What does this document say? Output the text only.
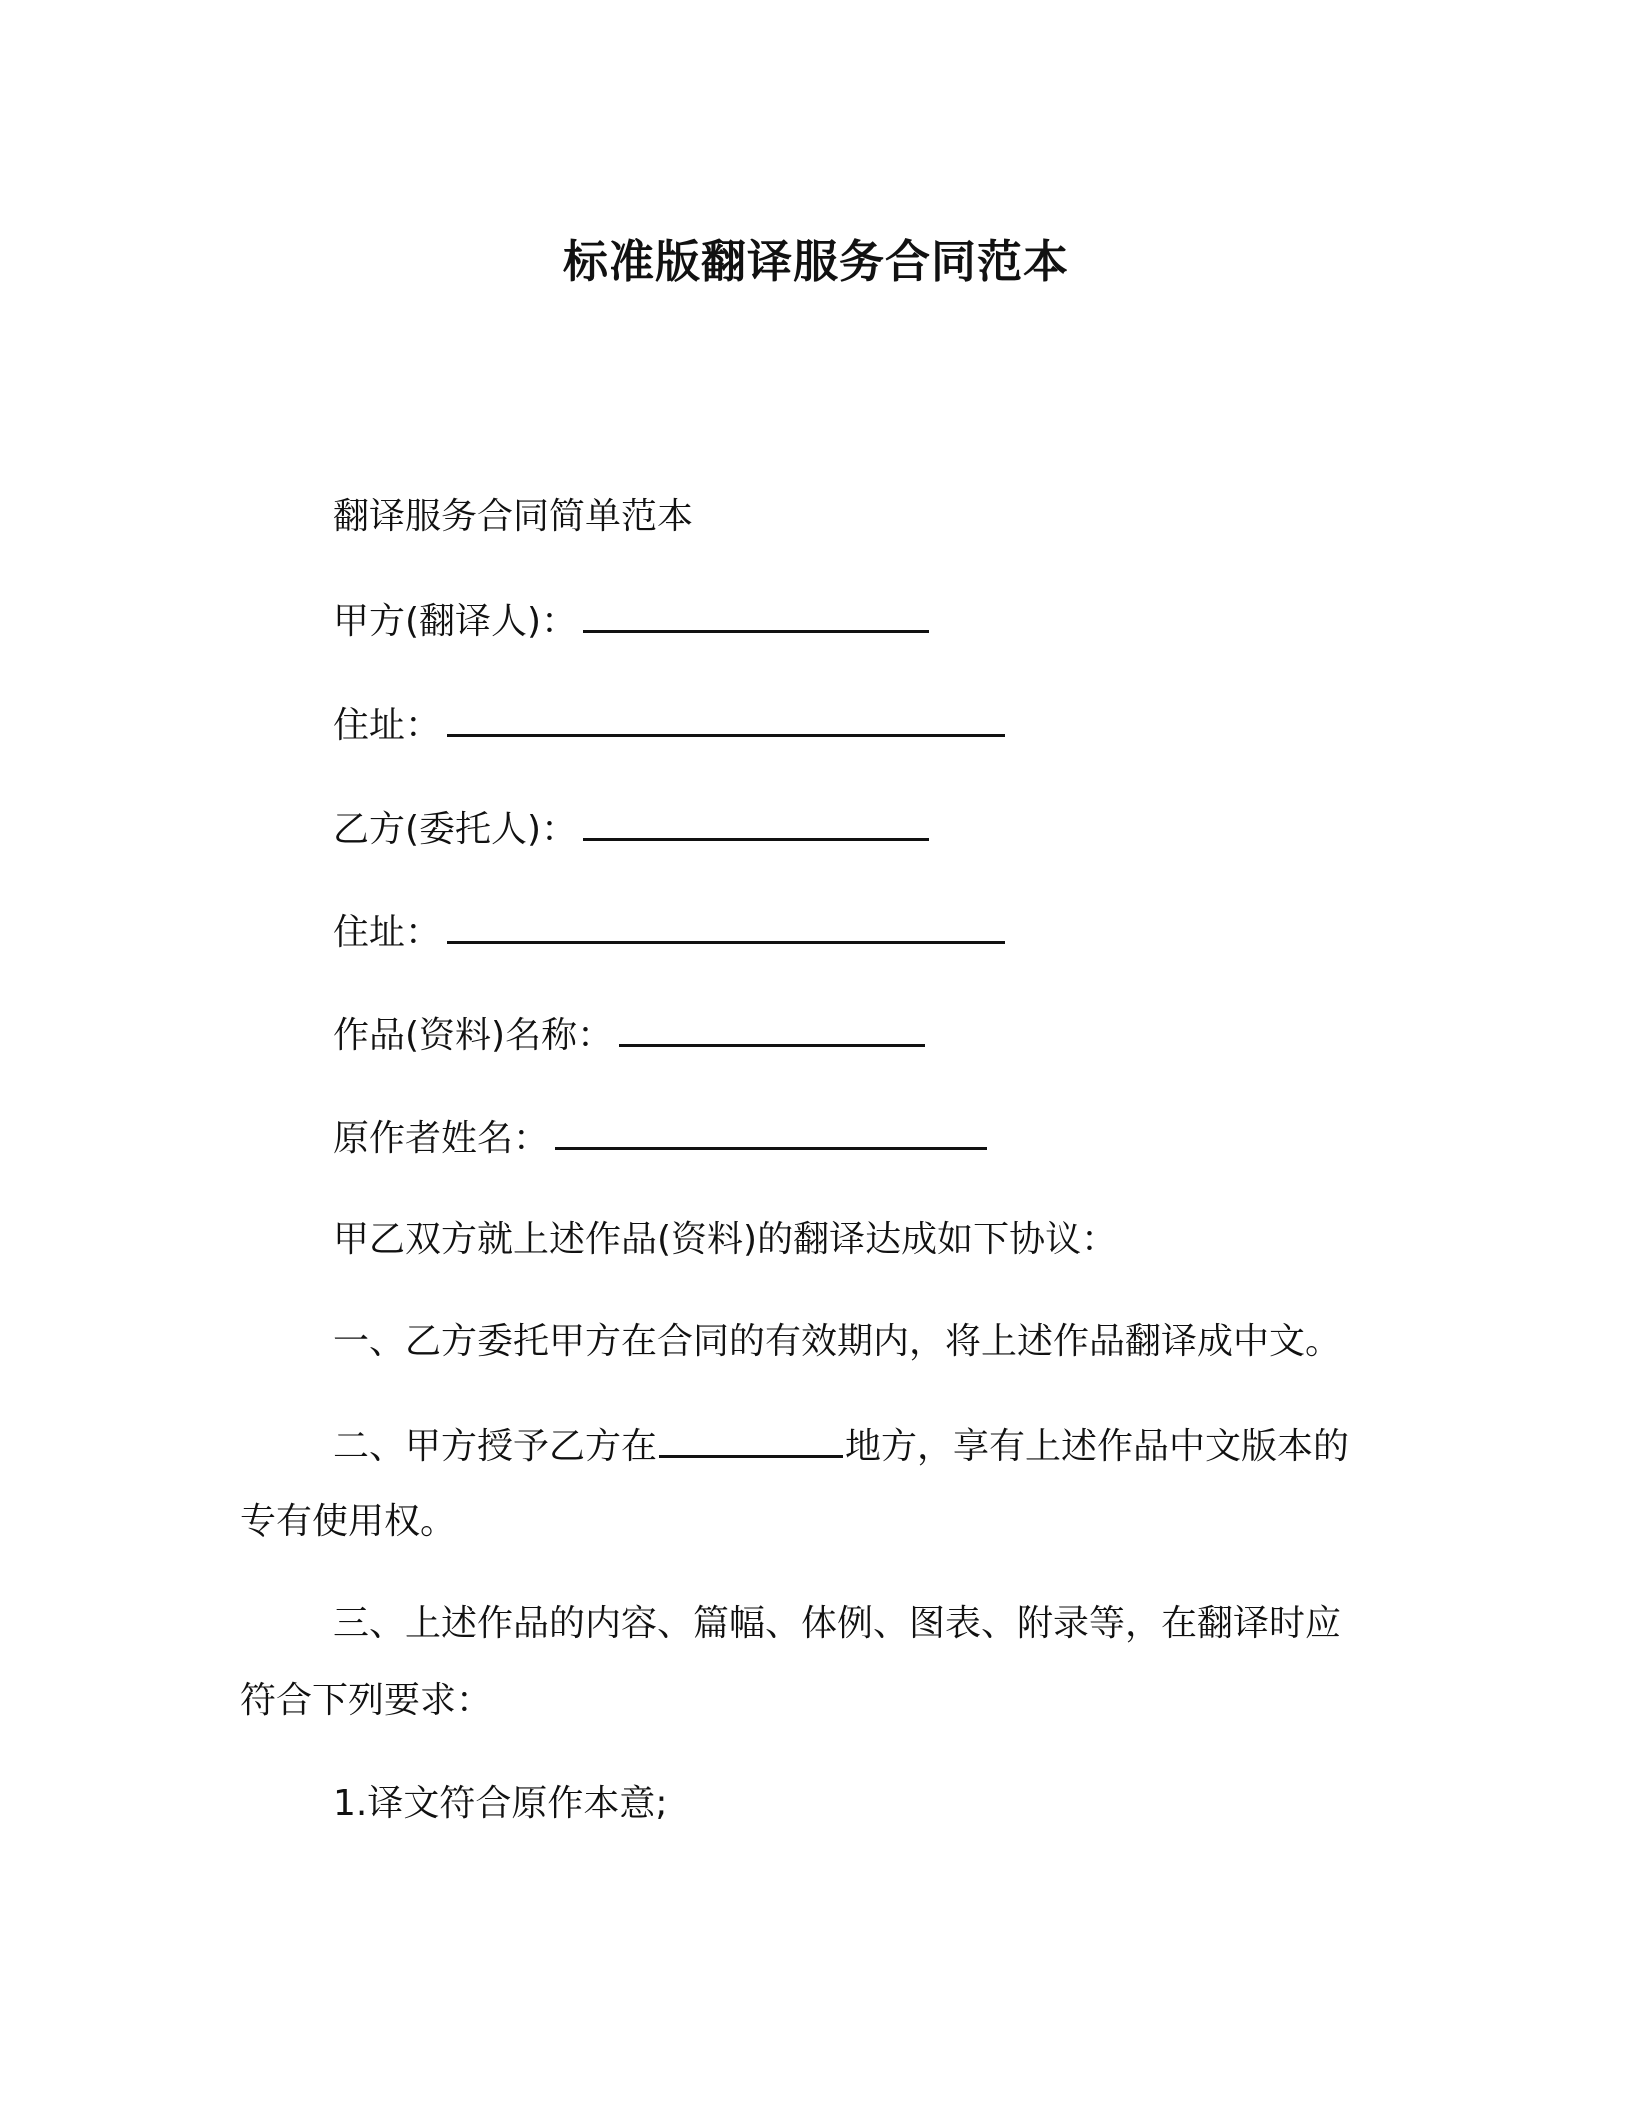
标准版翻译服务合同范本
翻译服务合同简单范本
甲方(翻译人)：
住址：
乙方(委托人)：
住址：
作品(资料)名称：
原作者姓名：
甲乙双方就上述作品(资料)的翻译达成如下协议：
一、乙方委托甲方在合同的有效期内，将上述作品翻译成中文。
二、甲方授予乙方在	地方，享有上述作品中文版本的
专有使用权。
三、上述作品的内容、篇幅、体例、图表、附录等，在翻译时应
符合下列要求：
1.译文符合原作本意;
